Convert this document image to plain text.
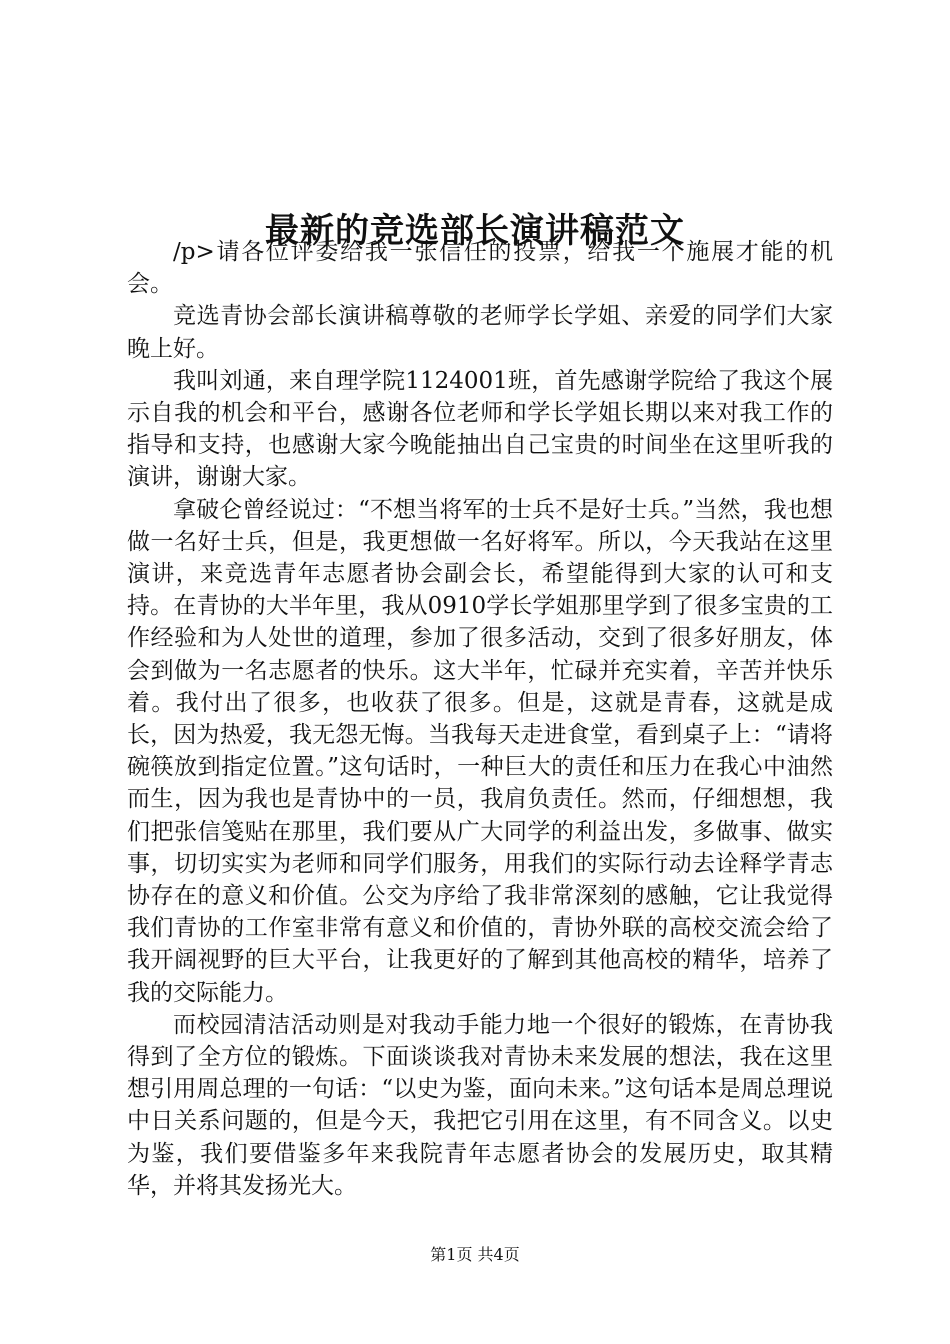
最新的竞选部长演讲稿范文

/p>请各位评委给我一张信任的投票，给我一个施展才能的机会。

竞选青协会部长演讲稿尊敬的老师学长学姐、亲爱的同学们大家晚上好。

我叫刘通，来自理学院1124001班，首先感谢学院给了我这个展示自我的机会和平台，感谢各位老师和学长学姐长期以来对我工作的指导和支持，也感谢大家今晚能抽出自己宝贵的时间坐在这里听我的演讲，谢谢大家。

拿破仑曾经说过：“不想当将军的士兵不是好士兵。”当然，我也想做一名好士兵，但是，我更想做一名好将军。所以，今天我站在这里演讲，来竞选青年志愿者协会副会长，希望能得到大家的认可和支持。在青协的大半年里，我从0910学长学姐那里学到了很多宝贵的工作经验和为人处世的道理，参加了很多活动，交到了很多好朋友，体会到做为一名志愿者的快乐。这大半年，忙碌并充实着，辛苦并快乐着。我付出了很多，也收获了很多。但是，这就是青春，这就是成长，因为热爱，我无怨无悔。当我每天走进食堂，看到桌子上：“请将碗筷放到指定位置。”这句话时，一种巨大的责任和压力在我心中油然而生，因为我也是青协中的一员，我肩负责任。然而，仔细想想，我们把张信笺贴在那里，我们要从广大同学的利益出发，多做事、做实事，切切实实为老师和同学们服务，用我们的实际行动去诠释学青志协存在的意义和价值。公交为序给了我非常深刻的感触，它让我觉得我们青协的工作室非常有意义和价值的，青协外联的高校交流会给了我开阔视野的巨大平台，让我更好的了解到其他高校的精华，培养了我的交际能力。

而校园清洁活动则是对我动手能力地一个很好的锻炼，在青协我得到了全方位的锻炼。下面谈谈我对青协未来发展的想法，我在这里想引用周总理的一句话：“以史为鉴，面向未来。”这句话本是周总理说中日关系问题的，但是今天，我把它引用在这里，有不同含义。以史为鉴，我们要借鉴多年来我院青年志愿者协会的发展历史，取其精华，并将其发扬光大。

第1页 共4页
